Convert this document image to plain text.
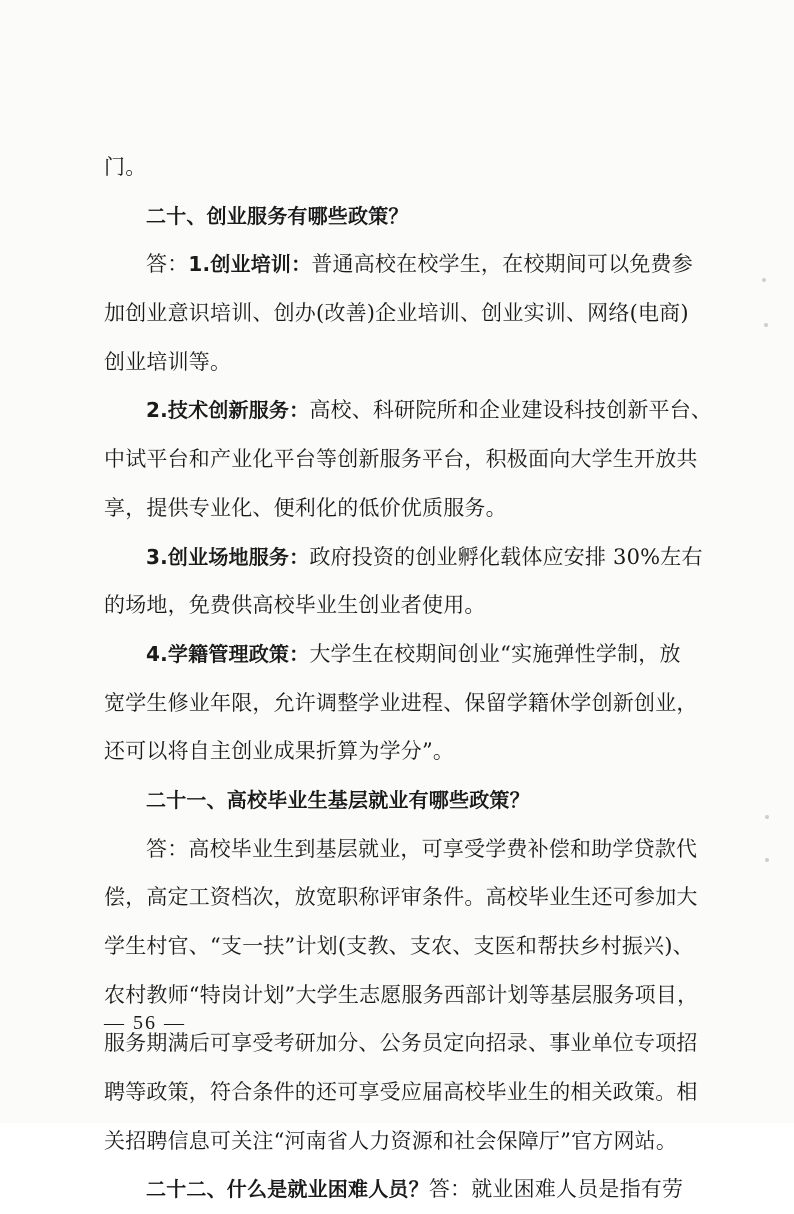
门。
二十、创业服务有哪些政策？
答：1.创业培训：普通高校在校学生，在校期间可以免费参
加创业意识培训、创办(改善)企业培训、创业实训、网络(电商)
创业培训等。
2.技术创新服务：高校、科研院所和企业建设科技创新平台、
中试平台和产业化平台等创新服务平台，积极面向大学生开放共
享，提供专业化、便利化的低价优质服务。
3.创业场地服务：政府投资的创业孵化载体应安排 30%左右
的场地，免费供高校毕业生创业者使用。
4.学籍管理政策：大学生在校期间创业“实施弹性学制，放
宽学生修业年限，允许调整学业进程、保留学籍休学创新创业，
还可以将自主创业成果折算为学分”。
二十一、高校毕业生基层就业有哪些政策？
答：高校毕业生到基层就业，可享受学费补偿和助学贷款代
偿，高定工资档次，放宽职称评审条件。高校毕业生还可参加大
学生村官、“支一扶”计划(支教、支农、支医和帮扶乡村振兴)、
农村教师“特岗计划”大学生志愿服务西部计划等基层服务项目，
服务期满后可享受考研加分、公务员定向招录、事业单位专项招
聘等政策，符合条件的还可享受应届高校毕业生的相关政策。相
关招聘信息可关注“河南省人力资源和社会保障厅”官方网站。
二十二、什么是就业困难人员？答：就业困难人员是指有劳
— 56 —
